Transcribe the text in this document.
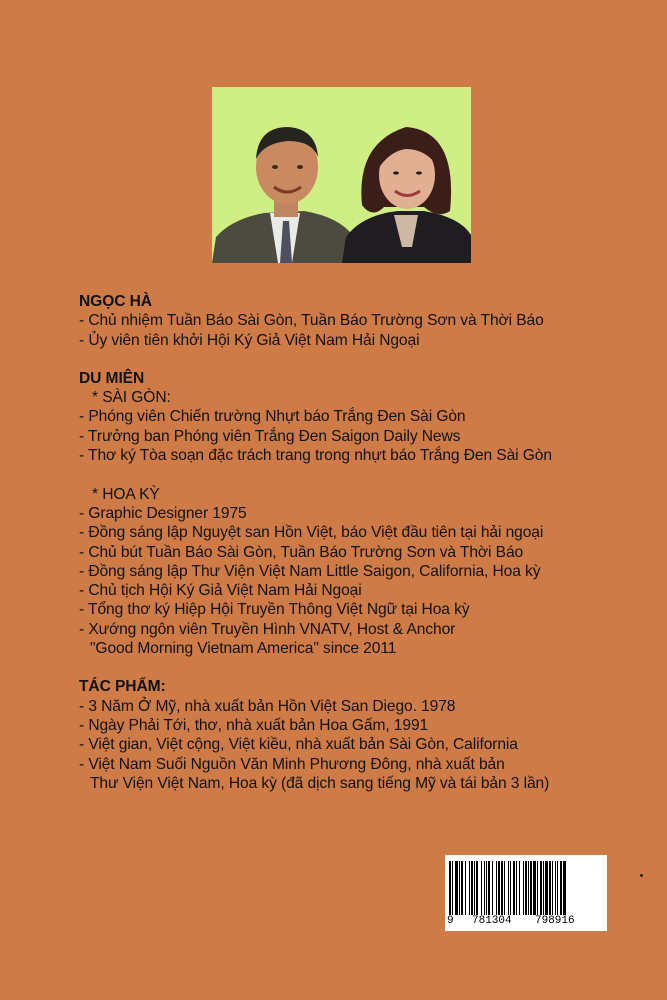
NGỌC HÀ
- Chủ nhiệm Tuần Báo Sài Gòn, Tuần Báo Trường Sơn và Thời Báo
- Ủy viên tiên khởi Hội Ký Giả Việt Nam Hải Ngoại
DU MIÊN
* SÀI GÒN:
- Phóng viên Chiến trường Nhựt báo Trắng Đen Sài Gòn
- Trưởng ban Phóng viên Trắng Đen Saigon Daily News
- Thơ ký Tòa soạn đặc trách trang trong nhựt báo Trắng Đen Sài Gòn
* HOA KỲ
- Graphic Designer 1975
- Đồng sáng lập Nguyệt san Hồn Việt, báo Việt đầu tiên tại hải ngoại
- Chủ bút Tuần Báo Sài Gòn, Tuần Báo Trường Sơn và Thời Báo
- Đồng sáng lập Thư Viện Việt Nam Little Saigon, California, Hoa kỳ
- Chủ tịch Hội Ký Giả Việt Nam Hải Ngoại
- Tổng thơ ký Hiệp Hội Truyền Thông Việt Ngữ tại Hoa kỳ
- Xướng ngôn viên Truyền Hình VNATV, Host & Anchor
"Good Morning Vietnam America" since 2011
TÁC PHẨM:
- 3 Năm Ở Mỹ, nhà xuất bản Hồn Việt San Diego. 1978
- Ngày Phải Tới, thơ, nhà xuất bản Hoa Gấm, 1991
- Việt gian, Việt cộng, Việt kiều, nhà xuất bản Sài Gòn, California
- Việt Nam Suối Nguồn Văn Minh Phương Đông, nhà xuất bản
Thư Viện Việt Nam, Hoa kỳ (đã dịch sang tiếng Mỹ và tái bản 3 lần)
9 781304 798916
